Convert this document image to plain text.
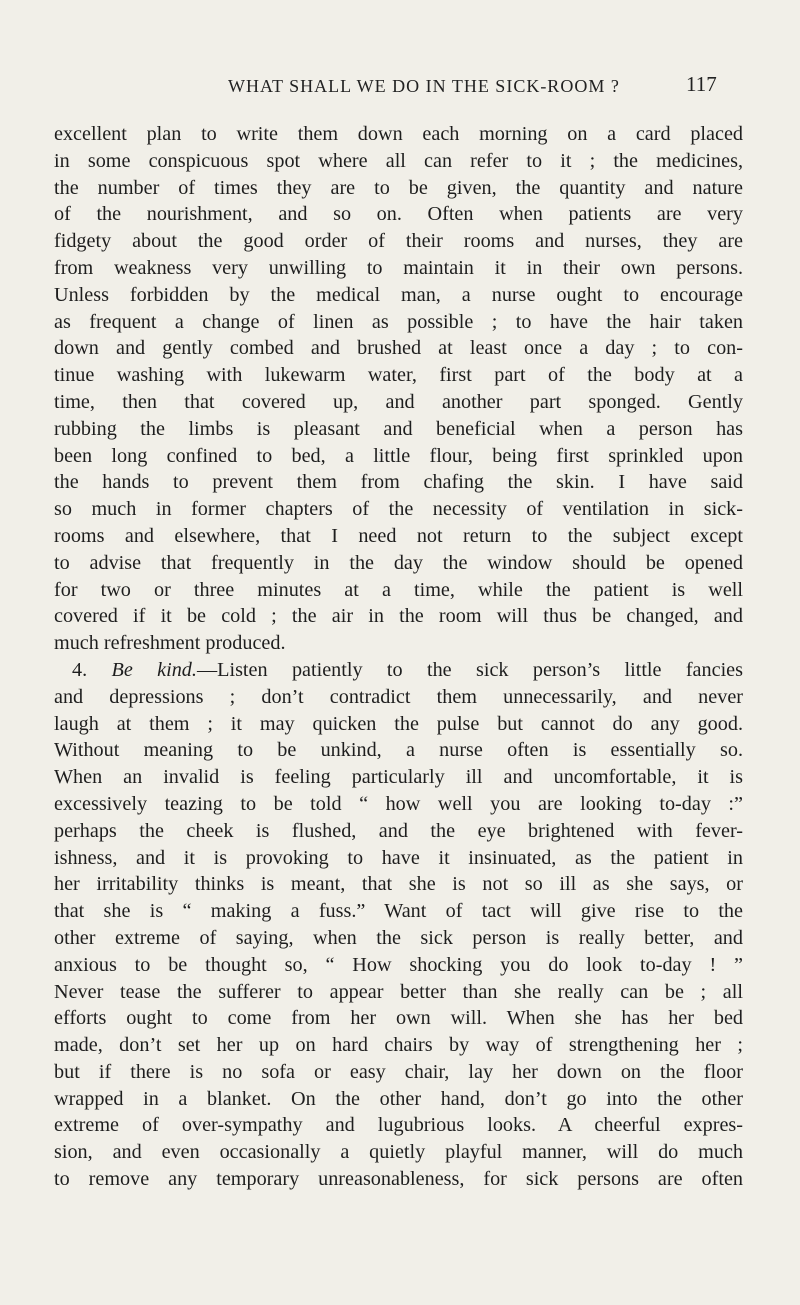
WHAT SHALL WE DO IN THE SICK-ROOM ?	117
excellent plan to write them down each morning on a card placed
in some conspicuous spot where all can refer to it ; the medicines,
the number of times they are to be given, the quantity and nature
of the nourishment, and so on. Often when patients are very
fidgety about the good order of their rooms and nurses, they are
from weakness very unwilling to maintain it in their own persons.
Unless forbidden by the medical man, a nurse ought to encourage
as frequent a change of linen as possible ; to have the hair taken
down and gently combed and brushed at least once a day ; to con-
tinue washing with lukewarm water, first part of the body at a
time, then that covered up, and another part sponged. Gently
rubbing the limbs is pleasant and beneficial when a person has
been long confined to bed, a little flour, being first sprinkled upon
the hands to prevent them from chafing the skin. I have said
so much in former chapters of the necessity of ventilation in sick-
rooms and elsewhere, that I need not return to the subject except
to advise that frequently in the day the window should be opened
for two or three minutes at a time, while the patient is well
covered if it be cold ; the air in the room will thus be changed, and
much refreshment produced.
4. Be kind.—Listen patiently to the sick person’s little fancies
and depressions ; don’t contradict them unnecessarily, and never
laugh at them ; it may quicken the pulse but cannot do any good.
Without meaning to be unkind, a nurse often is essentially so.
When an invalid is feeling particularly ill and uncomfortable, it is
excessively teazing to be told “ how well you are looking to-day :”
perhaps the cheek is flushed, and the eye brightened with fever-
ishness, and it is provoking to have it insinuated, as the patient in
her irritability thinks is meant, that she is not so ill as she says, or
that she is “ making a fuss.” Want of tact will give rise to the
other extreme of saying, when the sick person is really better, and
anxious to be thought so, “ How shocking you do look to-day ! ”
Never tease the sufferer to appear better than she really can be ; all
efforts ought to come from her own will. When she has her bed
made, don’t set her up on hard chairs by way of strengthening her ;
but if there is no sofa or easy chair, lay her down on the floor
wrapped in a blanket. On the other hand, don’t go into the other
extreme of over-sympathy and lugubrious looks. A cheerful expres-
sion, and even occasionally a quietly playful manner, will do much
to remove any temporary unreasonableness, for sick persons are often
